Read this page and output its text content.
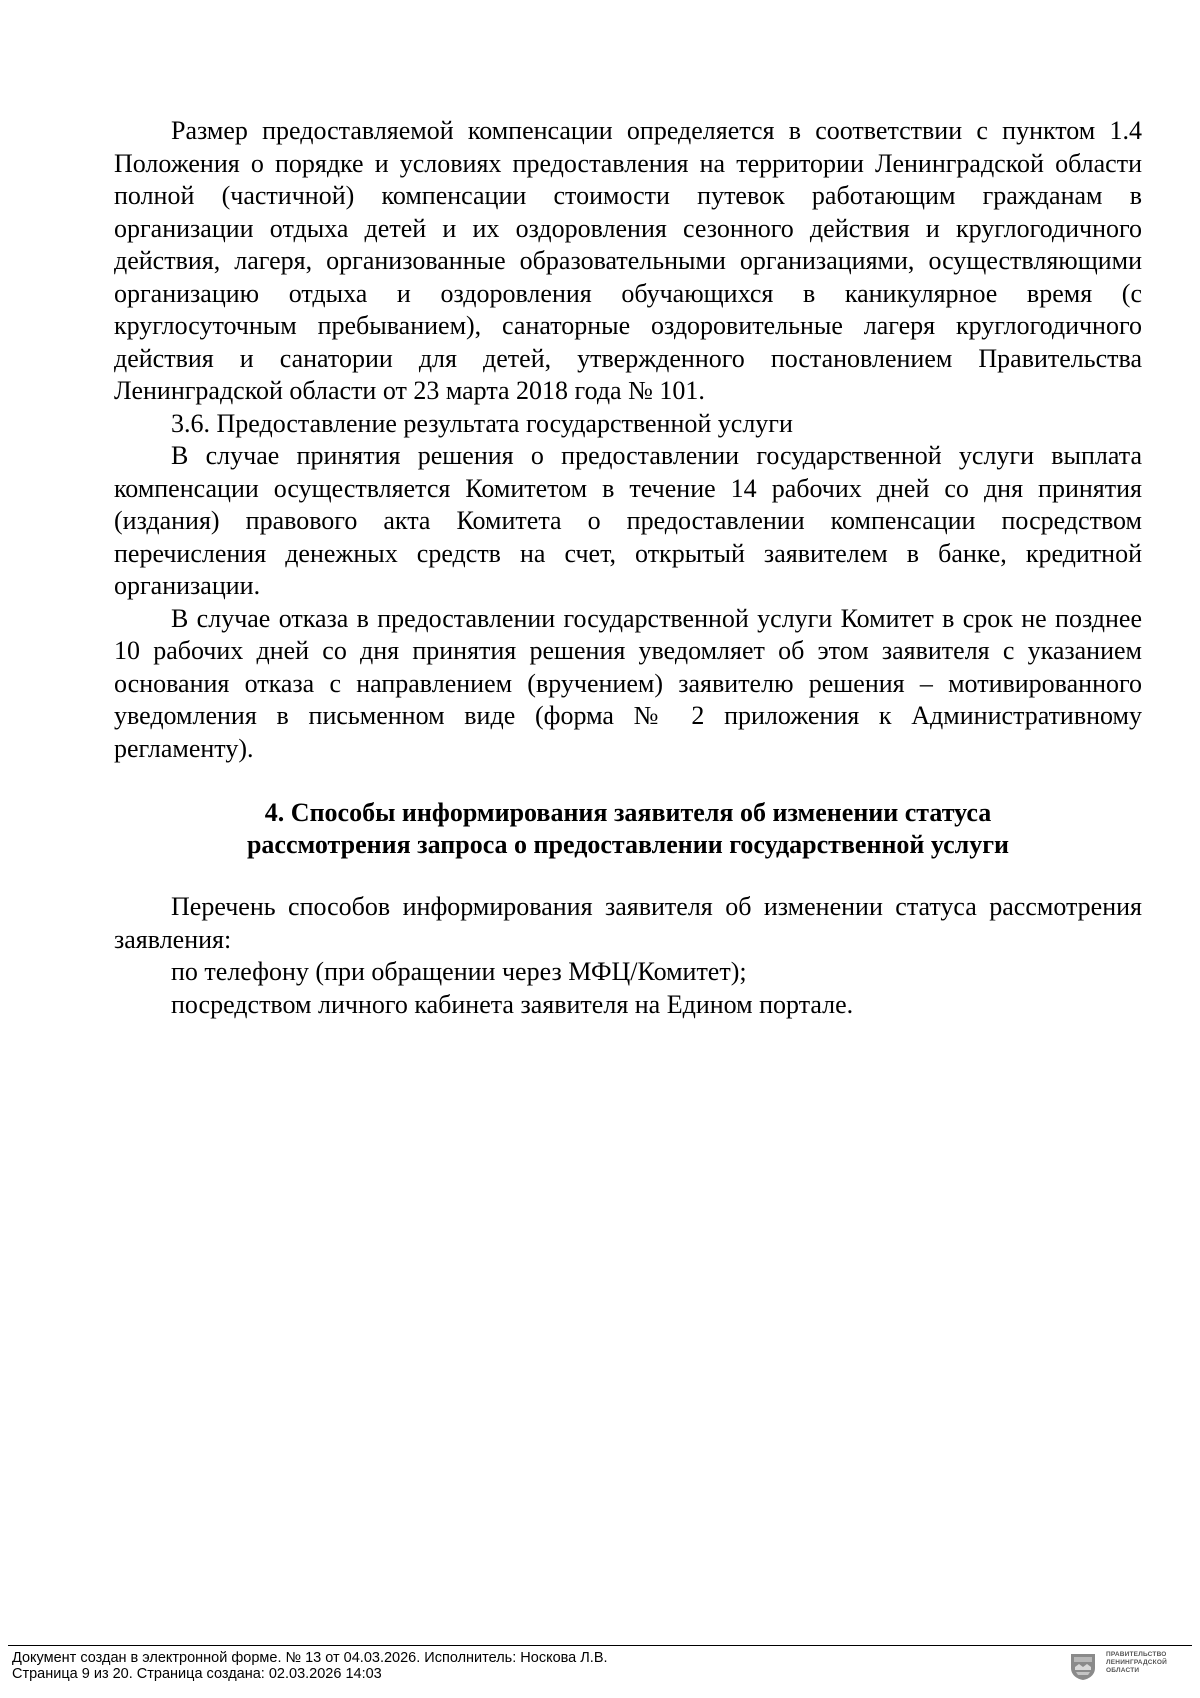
Размер предоставляемой компенсации определяется в соответствии с пунктом 1.4 Положения о порядке и условиях предоставления на территории Ленинградской области полной (частичной) компенсации стоимости путевок работающим гражданам в организации отдыха детей и их оздоровления сезонного действия и круглогодичного действия, лагеря, организованные образовательными организациями, осуществляющими организацию отдыха и оздоровления обучающихся в каникулярное время (с круглосуточным пребыванием), санаторные оздоровительные лагеря круглогодичного действия и санатории для детей, утвержденного постановлением Правительства Ленинградской области от 23 марта 2018 года № 101.

3.6. Предоставление результата государственной услуги

В случае принятия решения о предоставлении государственной услуги выплата компенсации осуществляется Комитетом в течение 14 рабочих дней со дня принятия (издания) правового акта Комитета о предоставлении компенсации посредством перечисления денежных средств на счет, открытый заявителем в банке, кредитной организации.

В случае отказа в предоставлении государственной услуги Комитет в срок не позднее 10 рабочих дней со дня принятия решения уведомляет об этом заявителя с указанием основания отказа с направлением (вручением) заявителю решения – мотивированного уведомления в письменном виде (форма № 2 приложения к Административному регламенту).

4. Способы информирования заявителя об изменении статуса
рассмотрения запроса о предоставлении государственной услуги

Перечень способов информирования заявителя об изменении статуса рассмотрения заявления:

по телефону (при обращении через МФЦ/Комитет);

посредством личного кабинета заявителя на Едином портале.

Документ создан в электронной форме. № 13 от 04.03.2026. Исполнитель: Носкова Л.В.
Страница 9 из 20. Страница создана: 02.03.2026 14:03
ПРАВИТЕЛЬСТВО
ЛЕНИНГРАДСКОЙ
ОБЛАСТИ
